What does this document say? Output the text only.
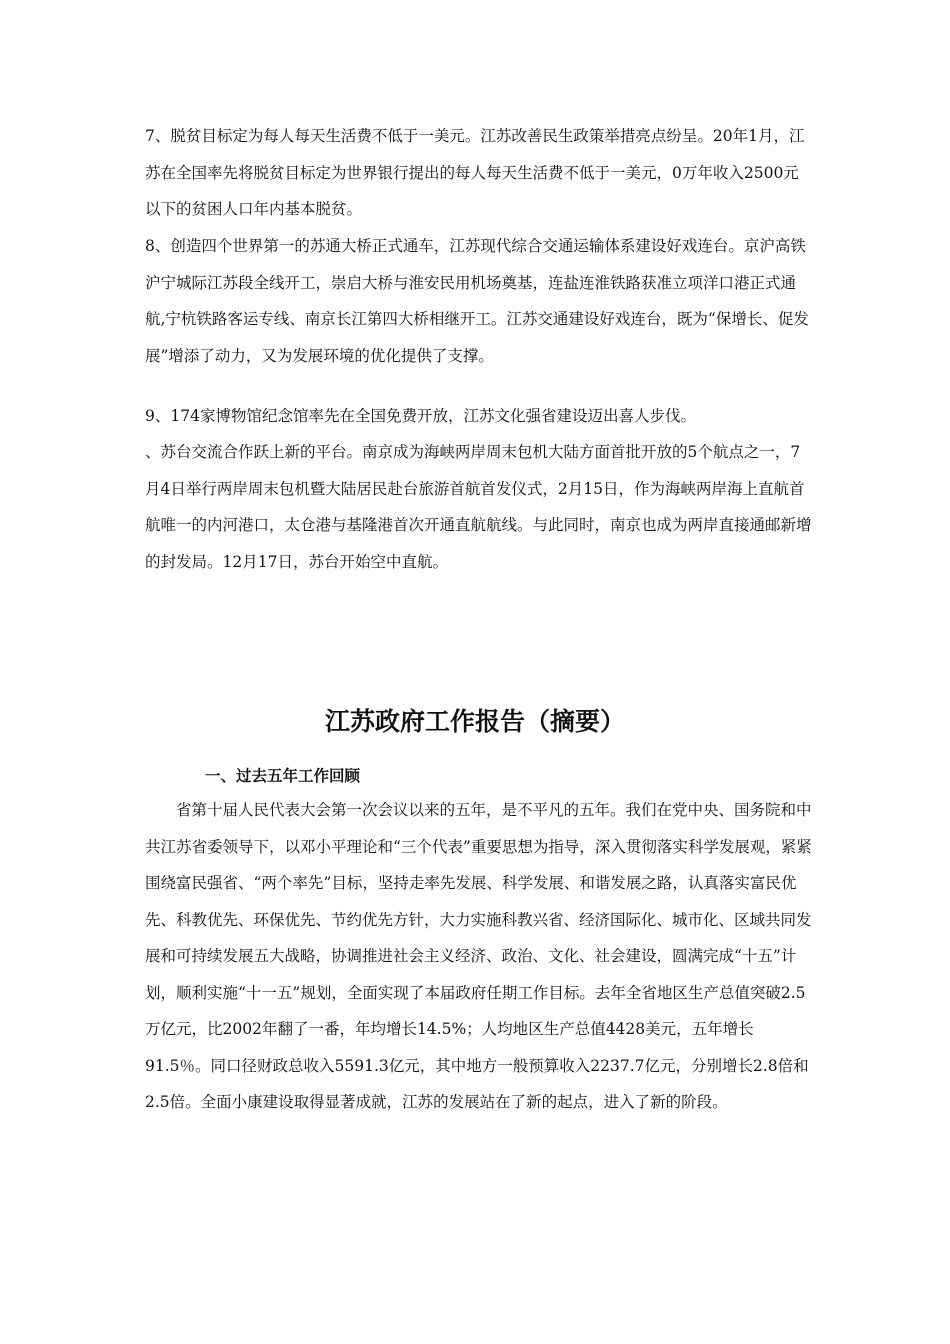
7、脱贫目标定为每人每天生活费不低于一美元。江苏改善民生政策举措亮点纷呈。20年1月，江苏在全国率先将脱贫目标定为世界银行提出的每人每天生活费不低于一美元，0万年收入2500元以下的贫困人口年内基本脱贫。

8、创造四个世界第一的苏通大桥正式通车，江苏现代综合交通运输体系建设好戏连台。京沪高铁沪宁城际江苏段全线开工，崇启大桥与淮安民用机场奠基，连盐连淮铁路获准立项洋口港正式通航,宁杭铁路客运专线、南京长江第四大桥相继开工。江苏交通建设好戏连台，既为“保增长、促发展”增添了动力，又为发展环境的优化提供了支撑。

9、174家博物馆纪念馆率先在全国免费开放，江苏文化强省建设迈出喜人步伐。

、苏台交流合作跃上新的平台。南京成为海峡两岸周末包机大陆方面首批开放的5个航点之一，7月4日举行两岸周末包机暨大陆居民赴台旅游首航首发仪式，2月15日，作为海峡两岸海上直航首航唯一的内河港口，太仓港与基隆港首次开通直航航线。与此同时，南京也成为两岸直接通邮新增的封发局。12月17日，苏台开始空中直航。

江苏政府工作报告（摘要）
一、过去五年工作回顾

省第十届人民代表大会第一次会议以来的五年，是不平凡的五年。我们在党中央、国务院和中共江苏省委领导下，以邓小平理论和“三个代表”重要思想为指导，深入贯彻落实科学发展观，紧紧围绕富民强省、“两个率先”目标，坚持走率先发展、科学发展、和谐发展之路，认真落实富民优先、科教优先、环保优先、节约优先方针，大力实施科教兴省、经济国际化、城市化、区域共同发展和可持续发展五大战略，协调推进社会主义经济、政治、文化、社会建设，圆满完成“十五”计划，顺利实施“十一五”规划，全面实现了本届政府任期工作目标。去年全省地区生产总值突破2.5万亿元，比2002年翻了一番，年均增长14.5%；人均地区生产总值4428美元，五年增长91.5％。同口径财政总收入5591.3亿元，其中地方一般预算收入2237.7亿元，分别增长2.8倍和2.5倍。全面小康建设取得显著成就，江苏的发展站在了新的起点，进入了新的阶段。
